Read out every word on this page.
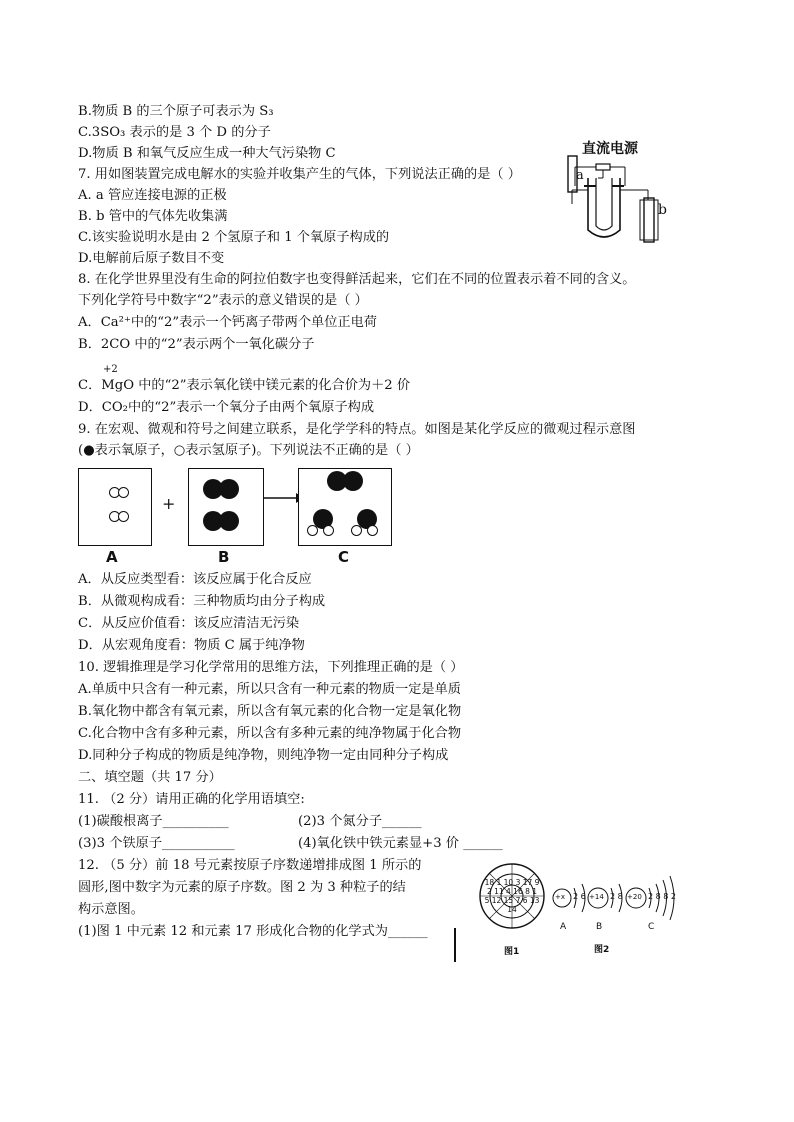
B.物质 B 的三个原子可表示为 S₃
C.3SO₃ 表示的是 3 个 D 的分子
D.物质 B 和氧气反应生成一种大气污染物 C
7. 用如图装置完成电解水的实验并收集产生的气体，下列说法正确的是（ ）
A. a 管应连接电源的正极
B. b 管中的气体先收集满
C.该实验说明水是由 2 个氢原子和 1 个氧原子构成的
D.电解前后原子数目不变
8. 在化学世界里没有生命的阿拉伯数字也变得鲜活起来，它们在不同的位置表示着不同的含义。
下列化学符号中数字“2”表示的意义错误的是（ ）
A．Ca²⁺中的“2”表示一个钙离子带两个单位正电荷
B．2CO 中的“2”表示两个一氧化碳分子
+2
C．MgO 中的“2”表示氧化镁中镁元素的化合价为＋2 价
D．CO₂中的“2”表示一个氧分子由两个氧原子构成
9. 在宏观、微观和符号之间建立联系，是化学学科的特点。如图是某化学反应的微观过程示意图
(●表示氧原子，○表示氢原子)。下列说法不正确的是（ ）
直流电源
a
b
+
A	B	C
A．从反应类型看：该反应属于化合反应
B．从微观构成看：三种物质均由分子构成
C．从反应价值看：该反应清洁无污染
D．从宏观角度看：物质 C 属于纯净物
10. 逻辑推理是学习化学常用的思维方法，下列推理正确的是（ ）
A.单质中只含有一种元素，所以只含有一种元素的物质一定是单质
B.氧化物中都含有氧元素，所以含有氧元素的化合物一定是氧化物
C.化合物中含有多种元素，所以含有多种元素的纯净物属于化合物
D.同种分子构成的物质是纯净物，则纯净物一定由同种分子构成
二、填空题（共 17 分）
11. （2 分）请用正确的化学用语填空:
(1)碳酸根离子__________	(2)3 个氮分子______
(3)3 个铁原子___________	(4)氧化铁中铁元素显+3 价 ______
12. （5 分）前 18 号元素按原子序数递增排成图 1 所示的
圆形,图中数字为元素的原子序数。图 2 为 3 种粒子的结
构示意图。
(1)图 1 中元素 12 和元素 17 形成化合物的化学式为______
18 1 10 3 17 9 2 11 4 16 8 1 5 12 15 7 6 13 14
+x 2 6 +14 2 8 +20 2 8 8 2
A	B	C
图1	图2
